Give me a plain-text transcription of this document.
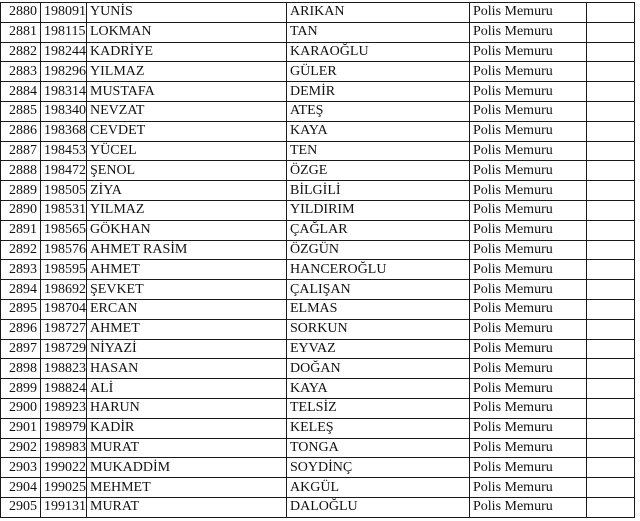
2880	198091	YUNİS	ARIKAN	Polis Memuru	
2881	198115	LOKMAN	TAN	Polis Memuru	
2882	198244	KADRİYE	KARAOĞLU	Polis Memuru	
2883	198296	YILMAZ	GÜLER	Polis Memuru	
2884	198314	MUSTAFA	DEMİR	Polis Memuru	
2885	198340	NEVZAT	ATEŞ	Polis Memuru	
2886	198368	CEVDET	KAYA	Polis Memuru	
2887	198453	YÜCEL	TEN	Polis Memuru	
2888	198472	ŞENOL	ÖZGE	Polis Memuru	
2889	198505	ZİYA	BİLGİLİ	Polis Memuru	
2890	198531	YILMAZ	YILDIRIM	Polis Memuru	
2891	198565	GÖKHAN	ÇAĞLAR	Polis Memuru	
2892	198576	AHMET RASİM	ÖZGÜN	Polis Memuru	
2893	198595	AHMET	HANCEROĞLU	Polis Memuru	
2894	198692	ŞEVKET	ÇALIŞAN	Polis Memuru	
2895	198704	ERCAN	ELMAS	Polis Memuru	
2896	198727	AHMET	SORKUN	Polis Memuru	
2897	198729	NİYAZİ	EYVAZ	Polis Memuru	
2898	198823	HASAN	DOĞAN	Polis Memuru	
2899	198824	ALİ	KAYA	Polis Memuru	
2900	198923	HARUN	TELSİZ	Polis Memuru	
2901	198979	KADİR	KELEŞ	Polis Memuru	
2902	198983	MURAT	TONGA	Polis Memuru	
2903	199022	MUKADDİM	SOYDİNÇ	Polis Memuru	
2904	199025	MEHMET	AKGÜL	Polis Memuru	
2905	199131	MURAT	DALOĞLU	Polis Memuru	
